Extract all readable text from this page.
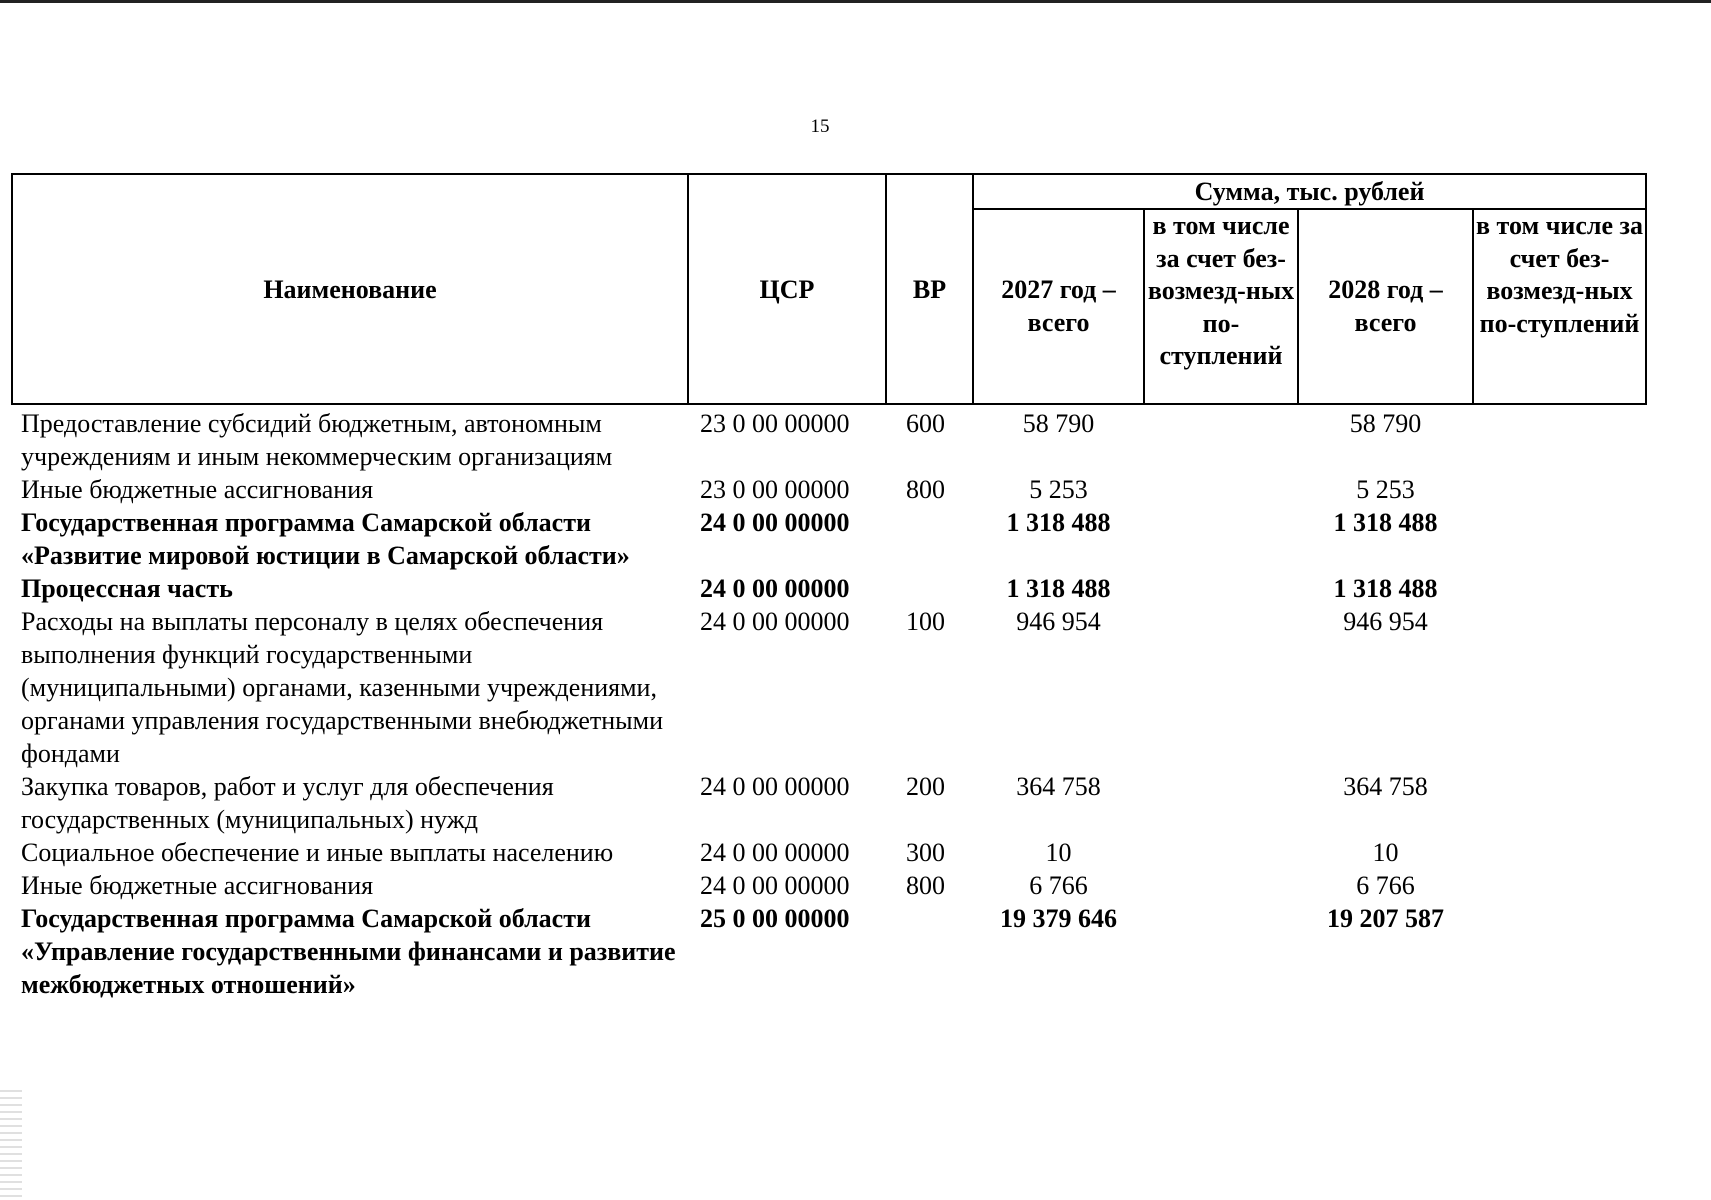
15
Наименование	ЦСР	ВР	Сумма, тыс. рублей			
			2027 год – всего	в том числе за счет без-возмезд-ных по-ступлений	2028 год – всего	в том числе за счет без-возмезд-ных по-ступлений
Предоставление субсидий бюджетным, автономным учреждениям и иным некоммерческим организациям	23 0 00 00000	600	58 790		58 790	
Иные бюджетные ассигнования	23 0 00 00000	800	5 253		5 253	
Государственная программа Самарской области «Развитие мировой юстиции в Самарской области»	24 0 00 00000		1 318 488		1 318 488	
Процессная часть	24 0 00 00000		1 318 488		1 318 488	
Расходы на выплаты персоналу в целях обеспечения выполнения функций государственными (муниципальными) органами, казенными учреждениями, органами управления государственными внебюджетными фондами	24 0 00 00000	100	946 954		946 954	
Закупка товаров, работ и услуг для обеспечения государственных (муниципальных) нужд	24 0 00 00000	200	364 758		364 758	
Социальное обеспечение и иные выплаты населению	24 0 00 00000	300	10		10	
Иные бюджетные ассигнования	24 0 00 00000	800	6 766		6 766	
Государственная программа Самарской области «Управление государственными финансами и развитие межбюджетных отношений»	25 0 00 00000		19 379 646		19 207 587	
